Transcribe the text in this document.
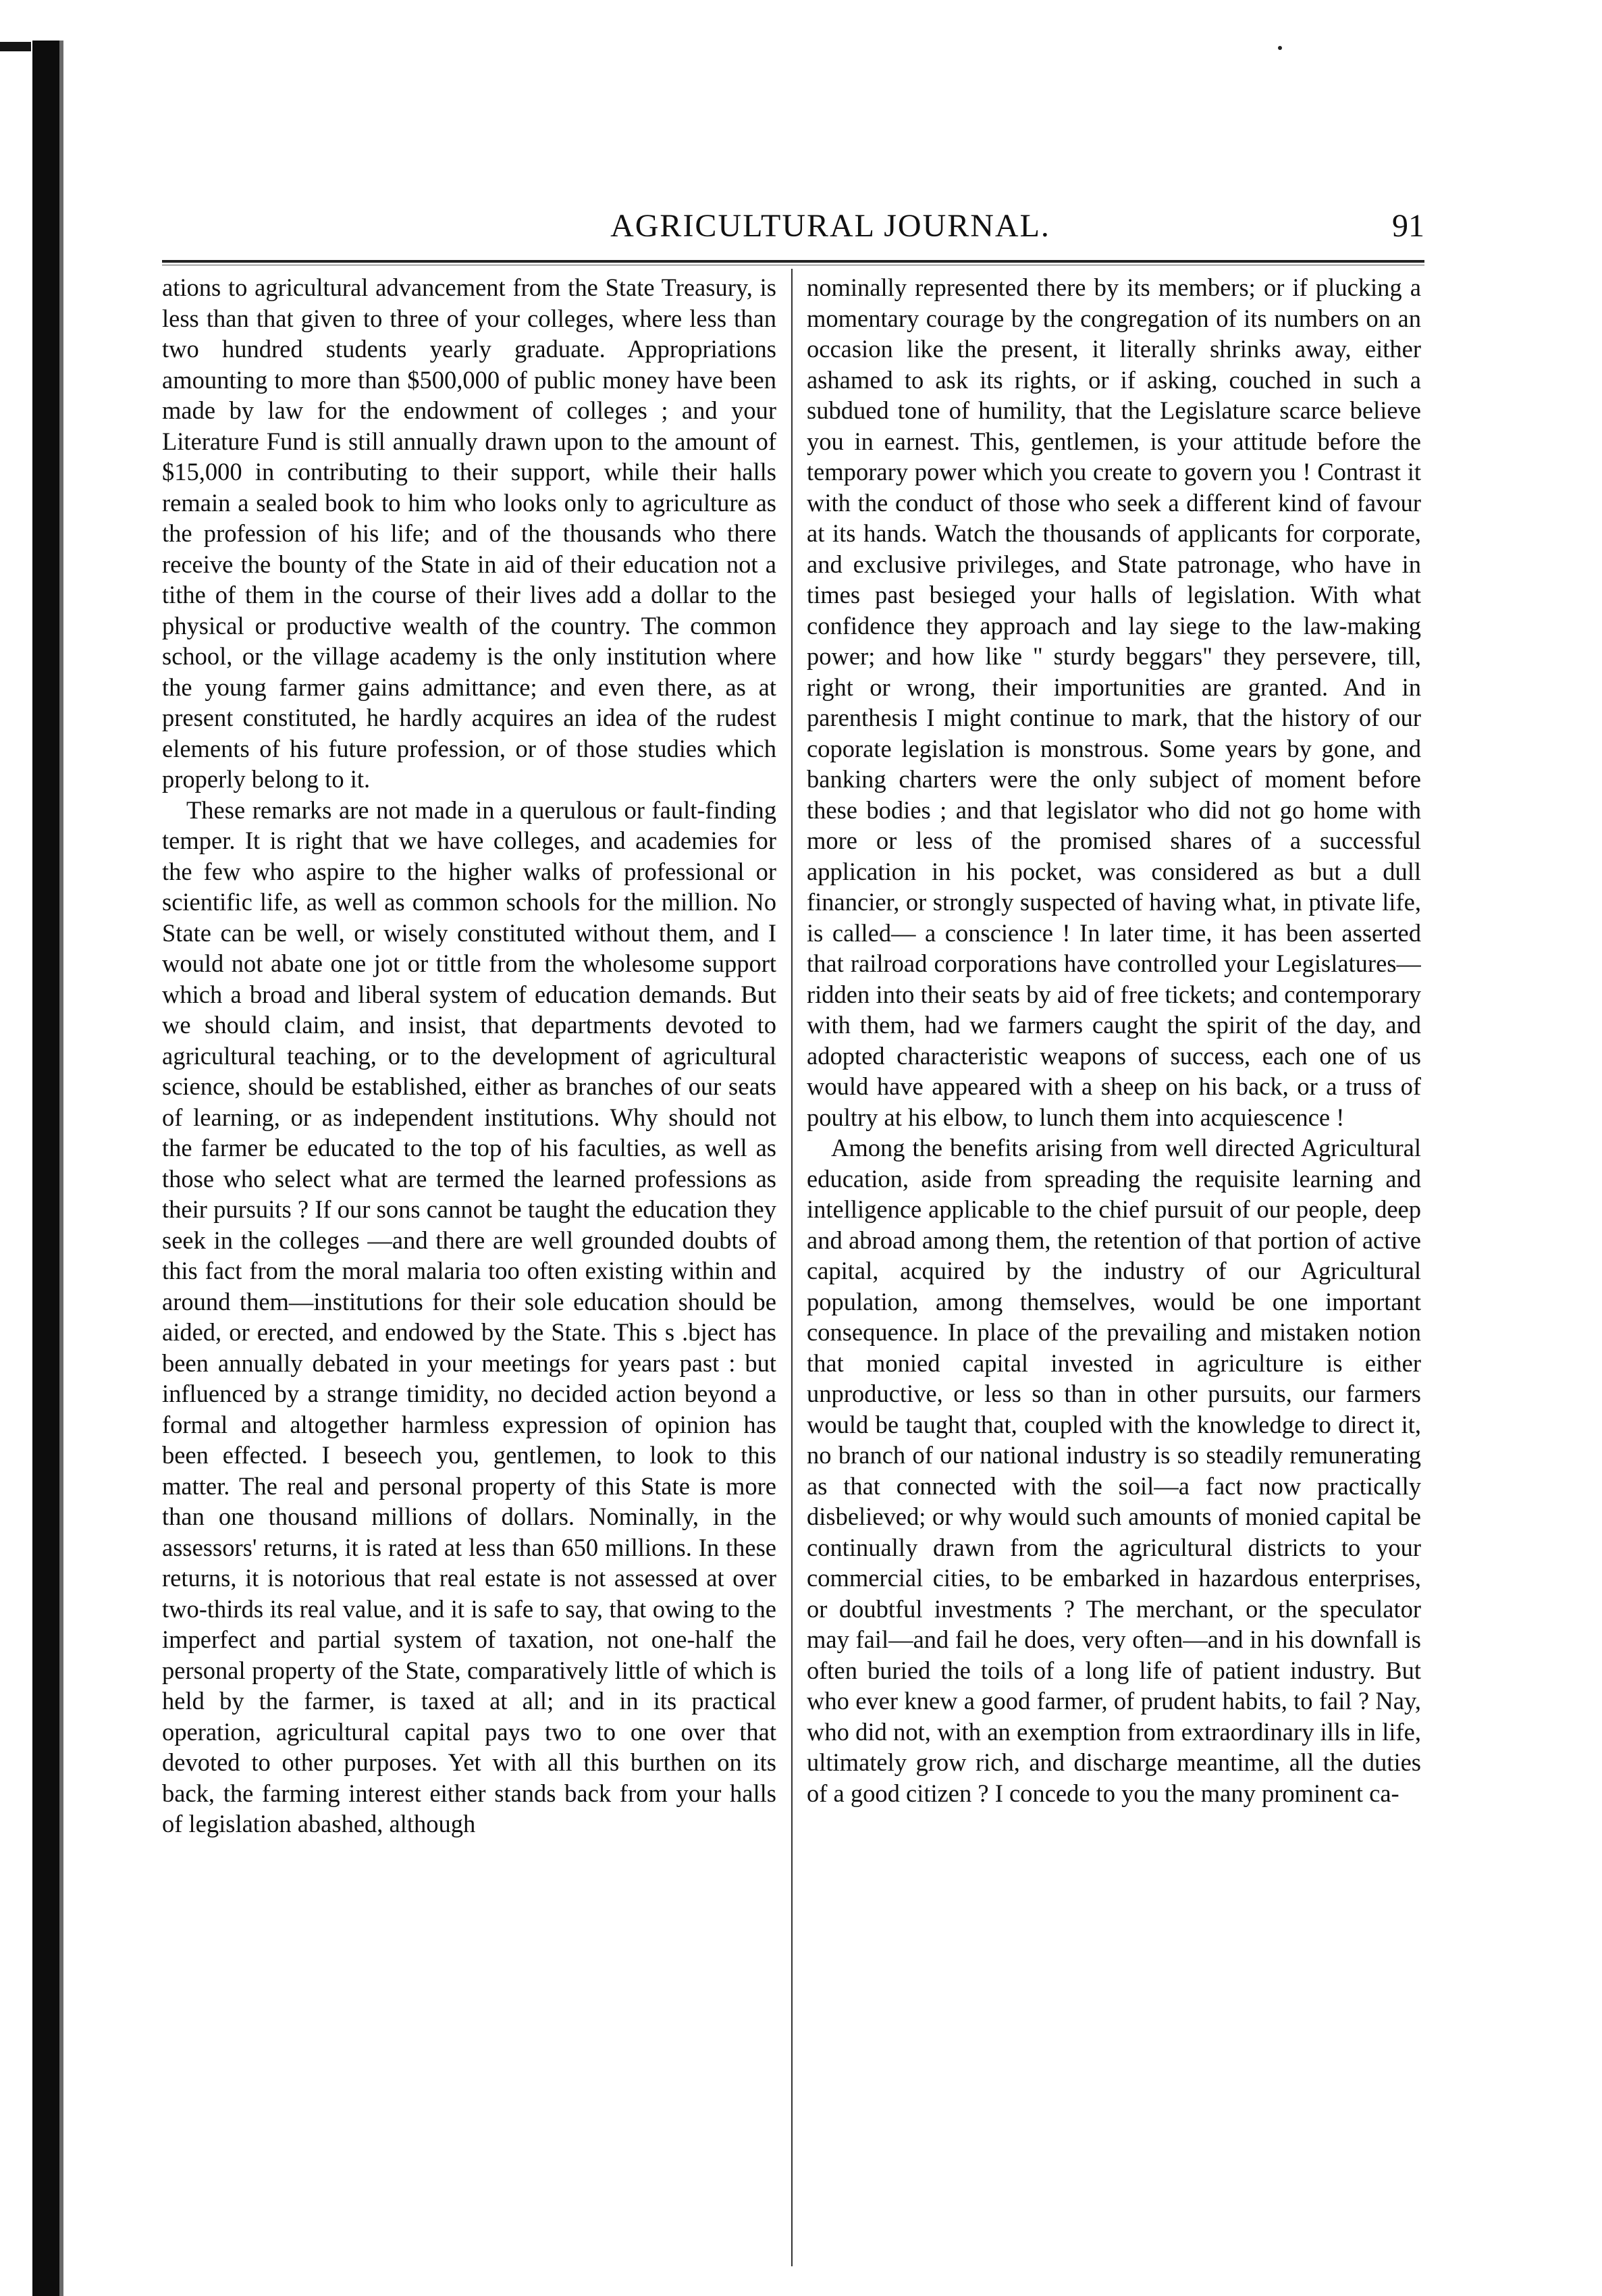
AGRICULTURAL JOURNAL.	91

ations to agricultural advancement from the State Treasury, is less than that given to three of your colleges, where less than two hundred students yearly graduate. Appropriations amounting to more than $500,000 of public money have been made by law for the endowment of colleges ; and your Literature Fund is still annually drawn upon to the amount of $15,000 in contributing to their support, while their halls remain a sealed book to him who looks only to agriculture as the profession of his life; and of the thousands who there receive the bounty of the State in aid of their education not a tithe of them in the course of their lives add a dollar to the physical or productive wealth of the country. The common school, or the village academy is the only institution where the young farmer gains admittance; and even there, as at present constituted, he hardly acquires an idea of the rudest elements of his future profession, or of those studies which properly belong to it.

These remarks are not made in a querulous or fault-finding temper. It is right that we have colleges, and academies for the few who aspire to the higher walks of professional or scientific life, as well as common schools for the million. No State can be well, or wisely constituted without them, and I would not abate one jot or tittle from the wholesome support which a broad and liberal system of education demands. But we should claim, and insist, that departments devoted to agricultural teaching, or to the development of agricultural science, should be established, either as branches of our seats of learning, or as independent institutions. Why should not the farmer be educated to the top of his faculties, as well as those who select what are termed the learned professions as their pursuits ? If our sons cannot be taught the education they seek in the colleges —and there are well grounded doubts of this fact from the moral malaria too often existing within and around them—institutions for their sole education should be aided, or erected, and endowed by the State. This s .bject has been annually debated in your meetings for years past : but influenced by a strange timidity, no decided action beyond a formal and altogether harmless expression of opinion has been effected. I beseech you, gentlemen, to look to this matter. The real and personal property of this State is more than one thousand millions of dollars. Nominally, in the assessors' returns, it is rated at less than 650 millions. In these returns, it is notorious that real estate is not assessed at over two-thirds its real value, and it is safe to say, that owing to the imperfect and partial system of taxation, not one-half the personal property of the State, comparatively little of which is held by the farmer, is taxed at all; and in its practical operation, agricultural capital pays two to one over that devoted to other purposes. Yet with all this burthen on its back, the farming interest either stands back from your halls of legislation abashed, although

nominally represented there by its members; or if plucking a momentary courage by the congregation of its numbers on an occasion like the present, it literally shrinks away, either ashamed to ask its rights, or if asking, couched in such a subdued tone of humility, that the Legislature scarce believe you in earnest. This, gentlemen, is your attitude before the temporary power which you create to govern you ! Contrast it with the conduct of those who seek a different kind of favour at its hands. Watch the thousands of applicants for corporate, and exclusive privileges, and State patronage, who have in times past besieged your halls of legislation. With what confidence they approach and lay siege to the law-making power; and how like " sturdy beggars" they persevere, till, right or wrong, their importunities are granted. And in parenthesis I might continue to mark, that the history of our coporate legislation is monstrous. Some years by gone, and banking charters were the only subject of moment before these bodies ; and that legislator who did not go home with more or less of the promised shares of a successful application in his pocket, was considered as but a dull financier, or strongly suspected of having what, in ptivate life, is called— a conscience ! In later time, it has been asserted that railroad corporations have controlled your Legislatures—ridden into their seats by aid of free tickets; and contemporary with them, had we farmers caught the spirit of the day, and adopted characteristic weapons of success, each one of us would have appeared with a sheep on his back, or a truss of poultry at his elbow, to lunch them into acquiescence !

Among the benefits arising from well directed Agricultural education, aside from spreading the requisite learning and intelligence applicable to the chief pursuit of our people, deep and abroad among them, the retention of that portion of active capital, acquired by the industry of our Agricultural population, among themselves, would be one important consequence. In place of the prevailing and mistaken notion that monied capital invested in agriculture is either unproductive, or less so than in other pursuits, our farmers would be taught that, coupled with the knowledge to direct it, no branch of our national industry is so steadily remunerating as that connected with the soil—a fact now practically disbelieved; or why would such amounts of monied capital be continually drawn from the agricultural districts to your commercial cities, to be embarked in hazardous enterprises, or doubtful investments ? The merchant, or the speculator may fail—and fail he does, very often—and in his downfall is often buried the toils of a long life of patient industry. But who ever knew a good farmer, of prudent habits, to fail ? Nay, who did not, with an exemption from extraordinary ills in life, ultimately grow rich, and discharge meantime, all the duties of a good citizen ? I concede to you the many prominent ca-
